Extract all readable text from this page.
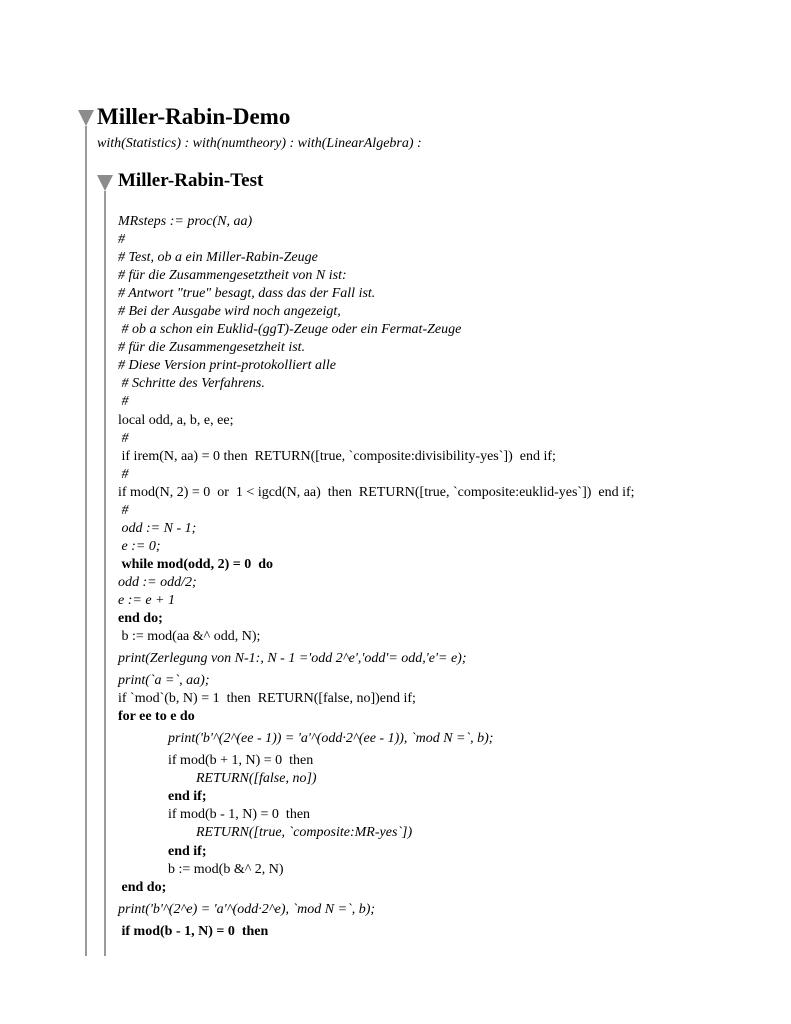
Miller-Rabin-Demo
with(Statistics) : with(numtheory) : with(LinearAlgebra) :
Miller-Rabin-Test
MRsteps := proc(N, aa)
#
# Test, ob a ein Miller-Rabin-Zeuge
# für die Zusammengesetztheit von N ist:
# Antwort "true" besagt, dass das der Fall ist.
# Bei der Ausgabe wird noch angezeigt,
# ob a schon ein Euklid-(ggT)-Zeuge oder ein Fermat-Zeuge
# für die Zusammengesetzheit ist.
# Diese Version print-protokolliert alle
# Schritte des Verfahrens.
#
local odd, a, b, e, ee;
#
if irem(N, aa) = 0 then  RETURN([true, `composite:divisibility-yes`])  end if;
#
if mod(N, 2) = 0  or  1 < igcd(N, aa)  then  RETURN([true, `composite:euklid-yes`])  end if;
#
odd := N - 1;
e := 0;
while mod(odd, 2) = 0  do
odd := odd/2;
e := e + 1
end do;
b := mod(aa &^ odd, N);
print(Zerlegung von N-1:, N - 1 ='odd 2^e','odd'= odd,'e'= e);
print(`a =`, aa);
if `mod`(b, N) = 1  then  RETURN([false, no])end if;
for ee to e do
print('b'^(2^(ee - 1)) = 'a'^(odd·2^(ee - 1)), `mod N =`, b);
if mod(b + 1, N) = 0  then
RETURN([false, no])
end if;
if mod(b - 1, N) = 0  then
RETURN([true, `composite:MR-yes`])
end if;
b := mod(b &^ 2, N)
end do;
print('b'^(2^e) = 'a'^(odd·2^e), `mod N =`, b);
if mod(b - 1, N) = 0  then
